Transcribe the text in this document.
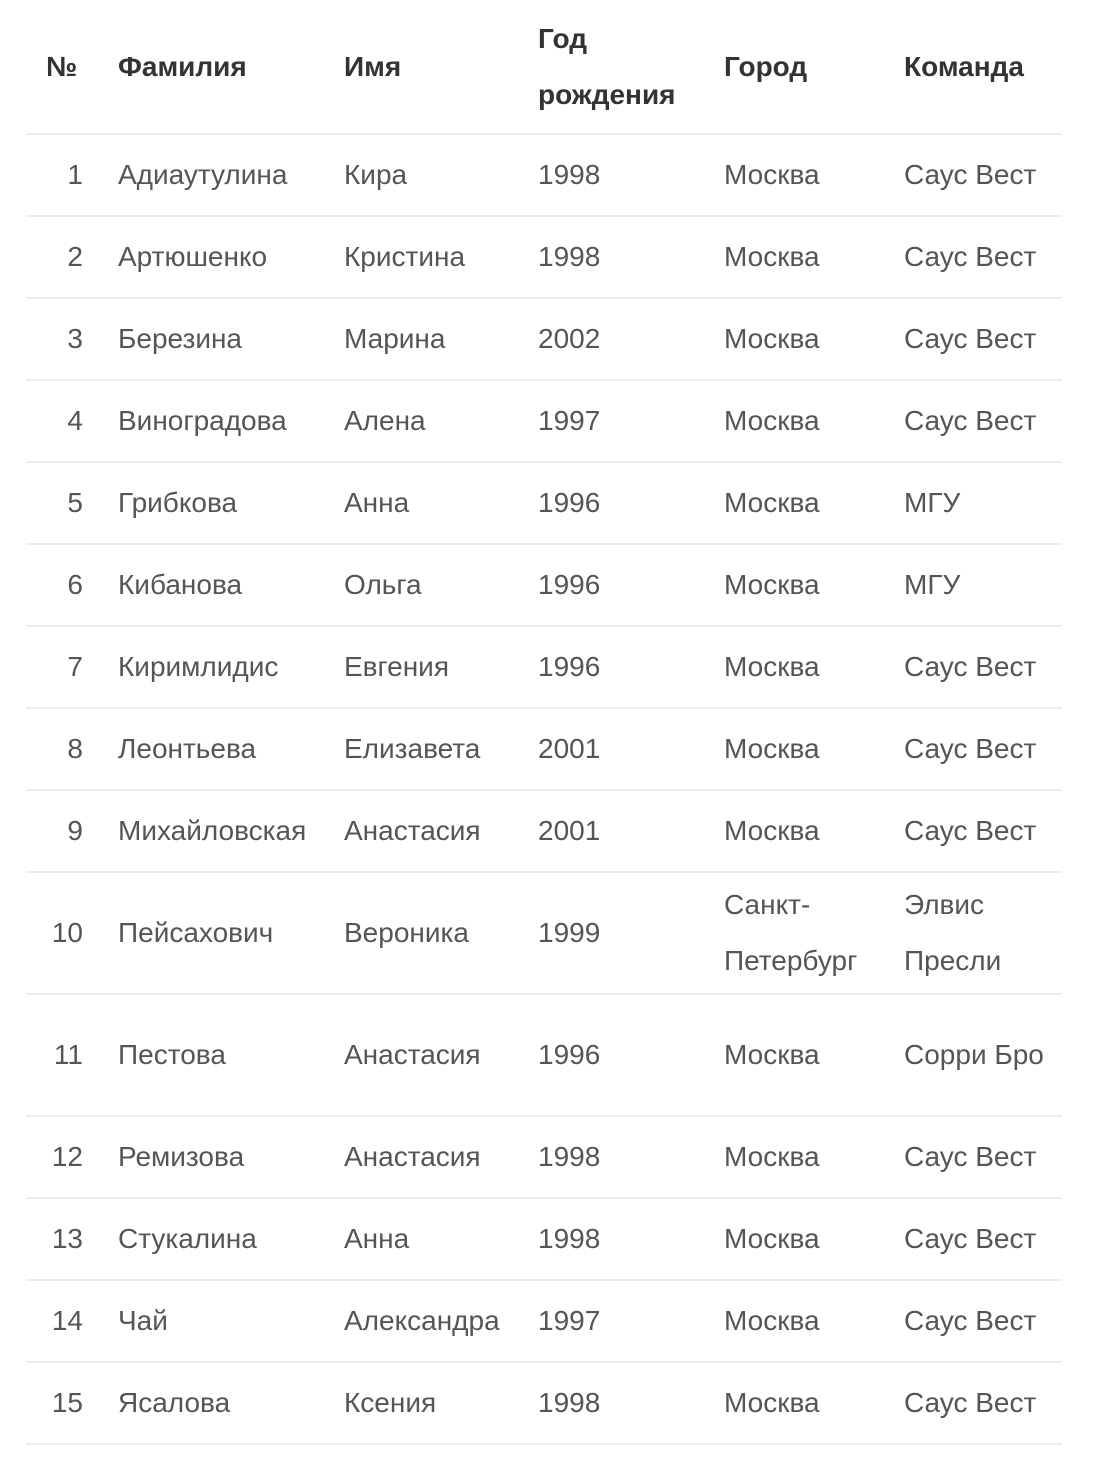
№	Фамилия	Имя	Год рождения	Город	Команда
1	Адиаутулина	Кира	1998	Москва	Саус Вест
2	Артюшенко	Кристина	1998	Москва	Саус Вест
3	Березина	Марина	2002	Москва	Саус Вест
4	Виноградова	Алена	1997	Москва	Саус Вест
5	Грибкова	Анна	1996	Москва	МГУ
6	Кибанова	Ольга	1996	Москва	МГУ
7	Киримлидис	Евгения	1996	Москва	Саус Вест
8	Леонтьева	Елизавета	2001	Москва	Саус Вест
9	Михайловская	Анастасия	2001	Москва	Саус Вест
10	Пейсахович	Вероника	1999	Санкт-Петербург	Элвис Пресли
11	Пестова	Анастасия	1996	Москва	Сорри Бро
12	Ремизова	Анастасия	1998	Москва	Саус Вест
13	Стукалина	Анна	1998	Москва	Саус Вест
14	Чай	Александра	1997	Москва	Саус Вест
15	Ясалова	Ксения	1998	Москва	Саус Вест
